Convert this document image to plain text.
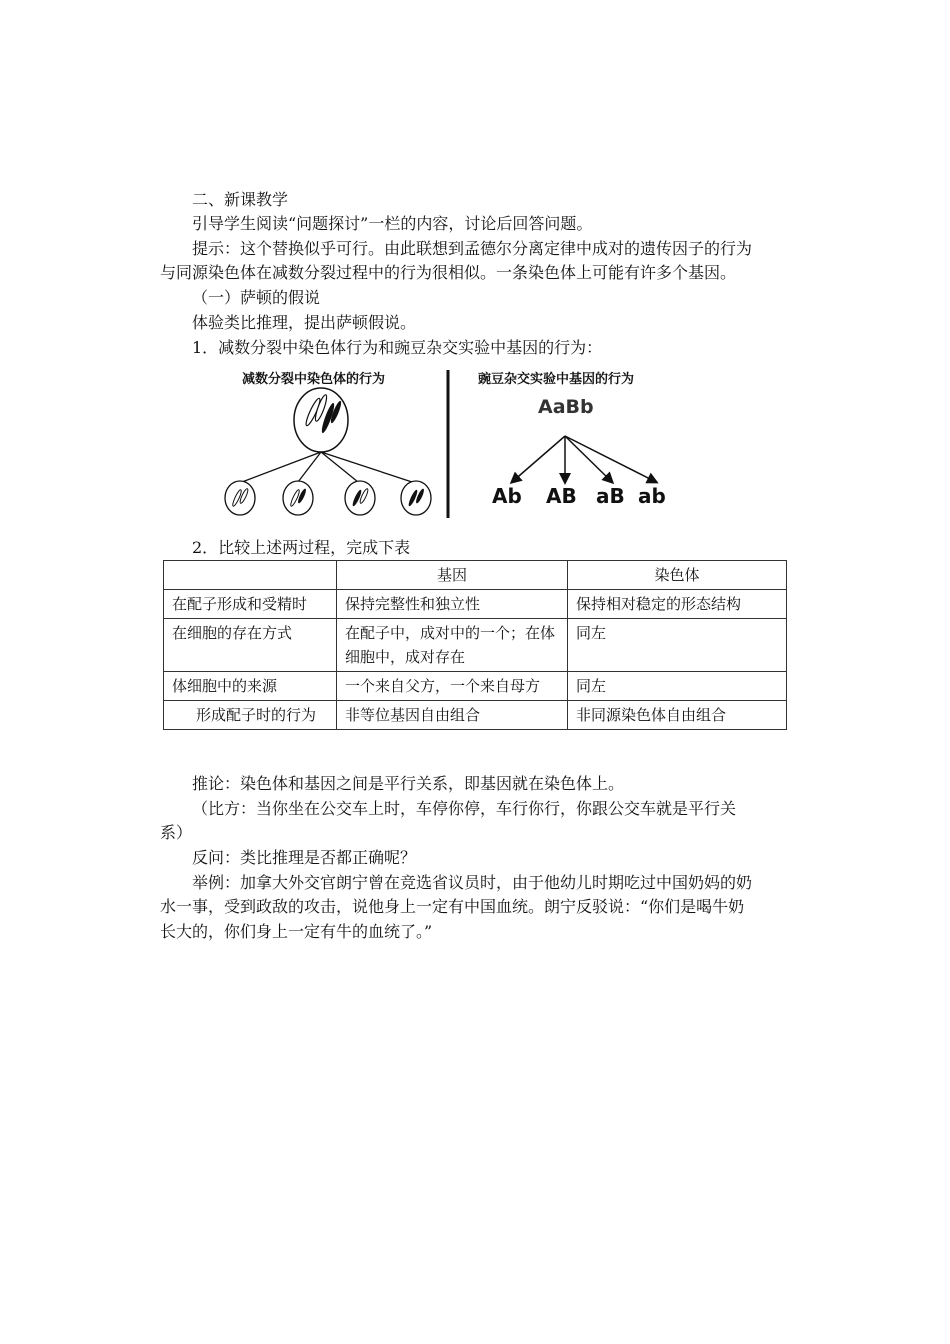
二、新课教学
引导学生阅读“问题探讨”一栏的内容，讨论后回答问题。
提示：这个替换似乎可行。由此联想到孟德尔分离定律中成对的遗传因子的行为
与同源染色体在减数分裂过程中的行为很相似。一条染色体上可能有许多个基因。
（一）萨顿的假说
体验类比推理，提出萨顿假说。
1．减数分裂中染色体行为和豌豆杂交实验中基因的行为：
减数分裂中染色体的行为	豌豆杂交实验中基因的行为
AaBb
Ab AB aB ab
2．比较上述两过程，完成下表
	基因	染色体
在配子形成和受精时	保持完整性和独立性	保持相对稳定的形态结构
在细胞的存在方式	在配子中，成对中的一个；在体细胞中，成对存在	同左
体细胞中的来源	一个来自父方，一个来自母方	同左
形成配子时的行为	非等位基因自由组合	非同源染色体自由组合
推论：染色体和基因之间是平行关系，即基因就在染色体上。
（比方：当你坐在公交车上时，车停你停，车行你行，你跟公交车就是平行关
系）
反问：类比推理是否都正确呢？
举例：加拿大外交官朗宁曾在竞选省议员时，由于他幼儿时期吃过中国奶妈的奶
水一事，受到政敌的攻击，说他身上一定有中国血统。朗宁反驳说：“你们是喝牛奶
长大的，你们身上一定有牛的血统了。”
